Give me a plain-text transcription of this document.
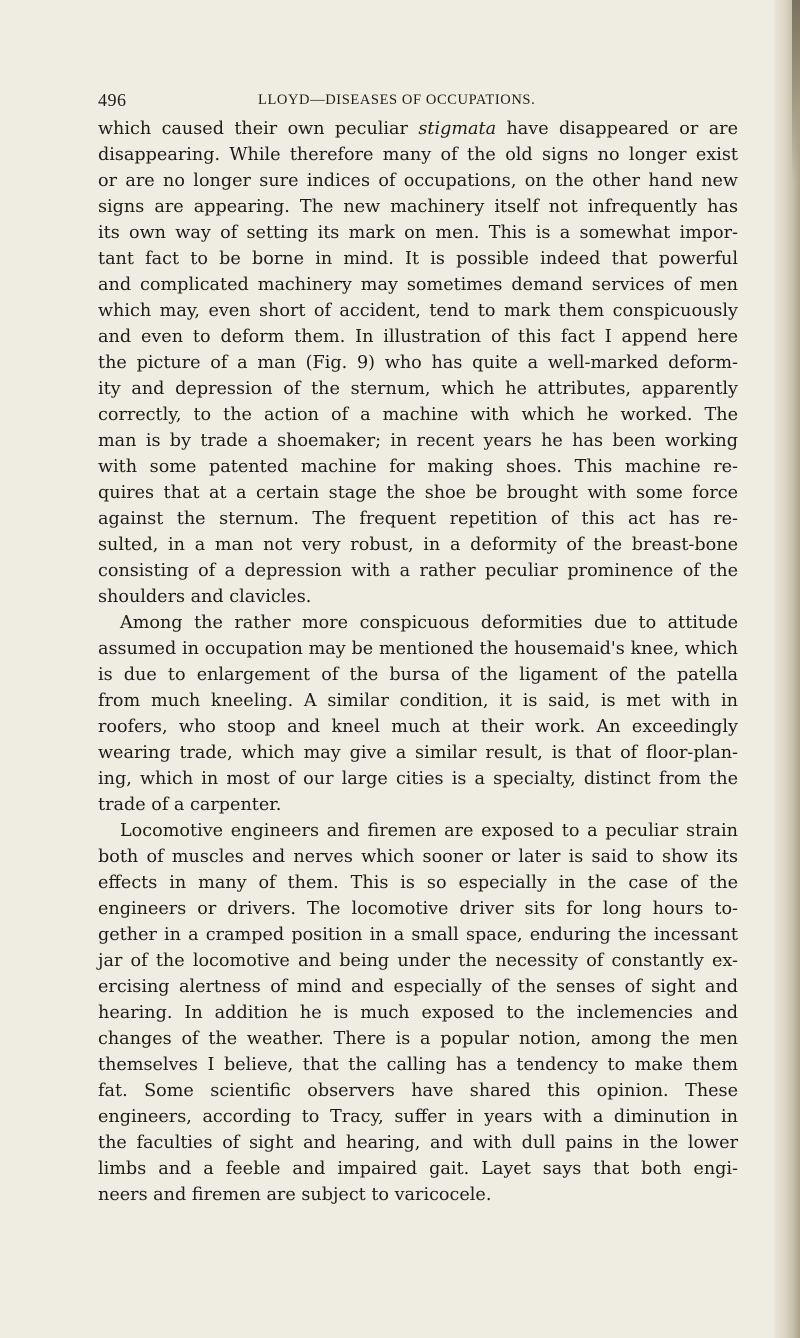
496	LLOYD—DISEASES OF OCCUPATIONS.
which caused their own peculiar stigmata have disappeared or are
disappearing. While therefore many of the old signs no longer exist
or are no longer sure indices of occupations, on the other hand new
signs are appearing. The new machinery itself not infrequently has
its own way of setting its mark on men. This is a somewhat impor-
tant fact to be borne in mind. It is possible indeed that powerful
and complicated machinery may sometimes demand services of men
which may, even short of accident, tend to mark them conspicuously
and even to deform them. In illustration of this fact I append here
the picture of a man (Fig. 9) who has quite a well-marked deform-
ity and depression of the sternum, which he attributes, apparently
correctly, to the action of a machine with which he worked. The
man is by trade a shoemaker; in recent years he has been working
with some patented machine for making shoes. This machine re-
quires that at a certain stage the shoe be brought with some force
against the sternum. The frequent repetition of this act has re-
sulted, in a man not very robust, in a deformity of the breast-bone
consisting of a depression with a rather peculiar prominence of the
shoulders and clavicles.
Among the rather more conspicuous deformities due to attitude
assumed in occupation may be mentioned the housemaid's knee, which
is due to enlargement of the bursa of the ligament of the patella
from much kneeling. A similar condition, it is said, is met with in
roofers, who stoop and kneel much at their work. An exceedingly
wearing trade, which may give a similar result, is that of floor-plan-
ing, which in most of our large cities is a specialty, distinct from the
trade of a carpenter.
Locomotive engineers and firemen are exposed to a peculiar strain
both of muscles and nerves which sooner or later is said to show its
effects in many of them. This is so especially in the case of the
engineers or drivers. The locomotive driver sits for long hours to-
gether in a cramped position in a small space, enduring the incessant
jar of the locomotive and being under the necessity of constantly ex-
ercising alertness of mind and especially of the senses of sight and
hearing. In addition he is much exposed to the inclemencies and
changes of the weather. There is a popular notion, among the men
themselves I believe, that the calling has a tendency to make them
fat. Some scientific observers have shared this opinion. These
engineers, according to Tracy, suffer in years with a diminution in
the faculties of sight and hearing, and with dull pains in the lower
limbs and a feeble and impaired gait. Layet says that both engi-
neers and firemen are subject to varicocele.
